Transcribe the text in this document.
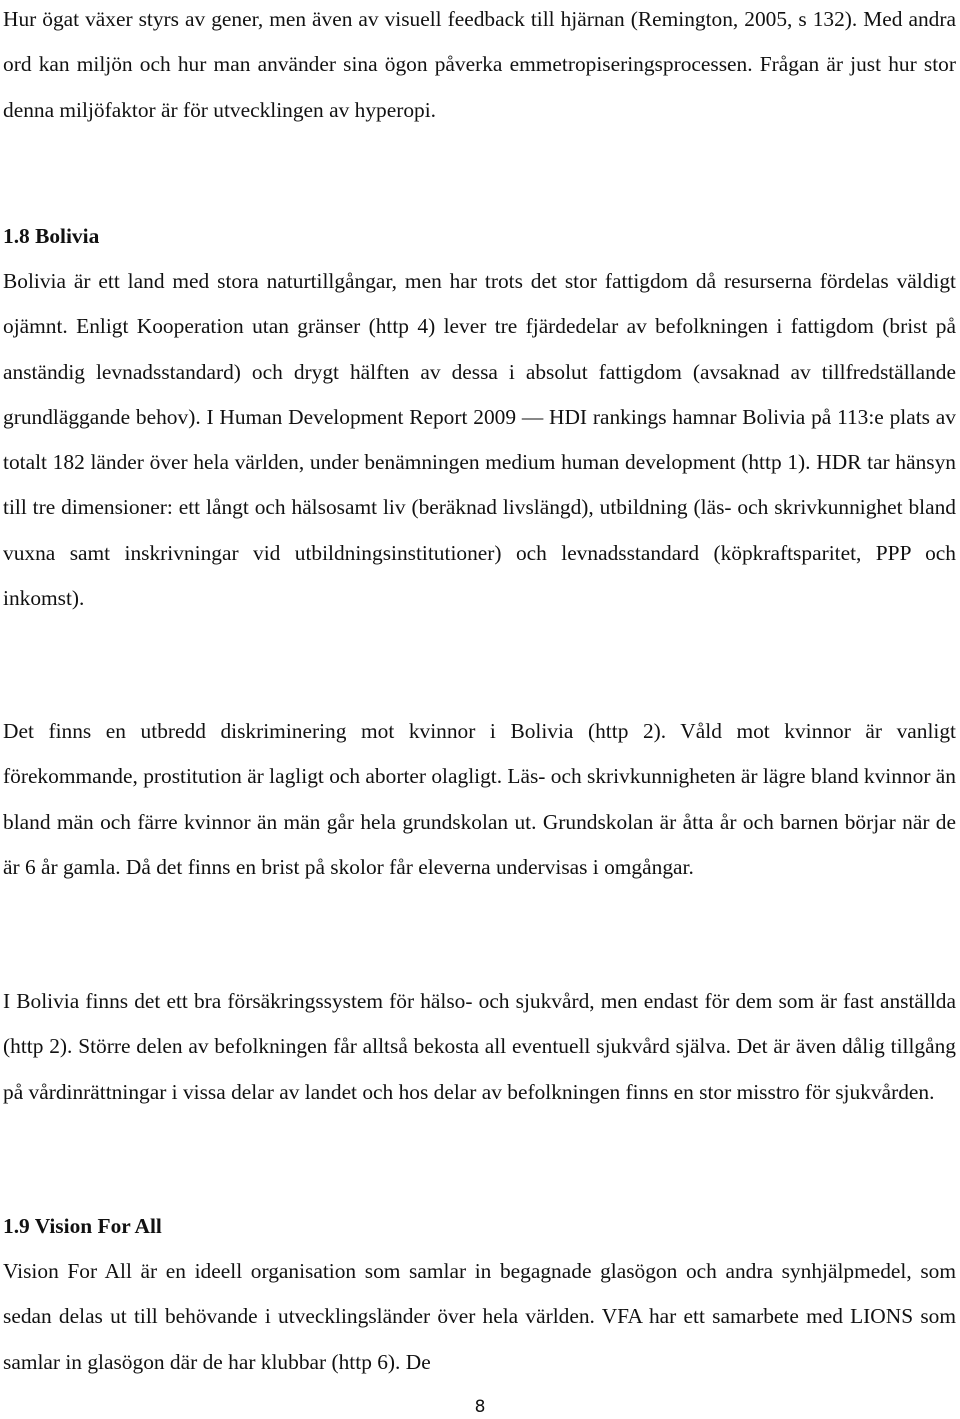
Hur ögat växer styrs av gener, men även av visuell feedback till hjärnan (Remington, 2005, s 132). Med andra ord kan miljön och hur man använder sina ögon påverka emmetropiseringsprocessen. Frågan är just hur stor denna miljöfaktor är för utvecklingen av hyperopi.

1.8 Bolivia

Bolivia är ett land med stora naturtillgångar, men har trots det stor fattigdom då resurserna fördelas väldigt ojämnt. Enligt Kooperation utan gränser (http 4) lever tre fjärdedelar av befolkningen i fattigdom (brist på anständig levnadsstandard) och drygt hälften av dessa i absolut fattigdom (avsaknad av tillfredställande grundläggande behov). I Human Development Report 2009 — HDI rankings hamnar Bolivia på 113:e plats av totalt 182 länder över hela världen, under benämningen medium human development (http 1). HDR tar hänsyn till tre dimensioner: ett långt och hälsosamt liv (beräknad livslängd), utbildning (läs- och skrivkunnighet bland vuxna samt inskrivningar vid utbildningsinstitutioner) och levnadsstandard (köpkraftsparitet, PPP och inkomst).

Det finns en utbredd diskriminering mot kvinnor i Bolivia (http 2). Våld mot kvinnor är vanligt förekommande, prostitution är lagligt och aborter olagligt. Läs- och skrivkunnigheten är lägre bland kvinnor än bland män och färre kvinnor än män går hela grundskolan ut. Grundskolan är åtta år och barnen börjar när de är 6 år gamla. Då det finns en brist på skolor får eleverna undervisas i omgångar.

I Bolivia finns det ett bra försäkringssystem för hälso- och sjukvård, men endast för dem som är fast anställda (http 2). Större delen av befolkningen får alltså bekosta all eventuell sjukvård själva. Det är även dålig tillgång på vårdinrättningar i vissa delar av landet och hos delar av befolkningen finns en stor misstro för sjukvården.

1.9 Vision For All

Vision For All är en ideell organisation som samlar in begagnade glasögon och andra synhjälpmedel, som sedan delas ut till behövande i utvecklingsländer över hela världen. VFA har ett samarbete med LIONS som samlar in glasögon där de har klubbar (http 6). De

8
